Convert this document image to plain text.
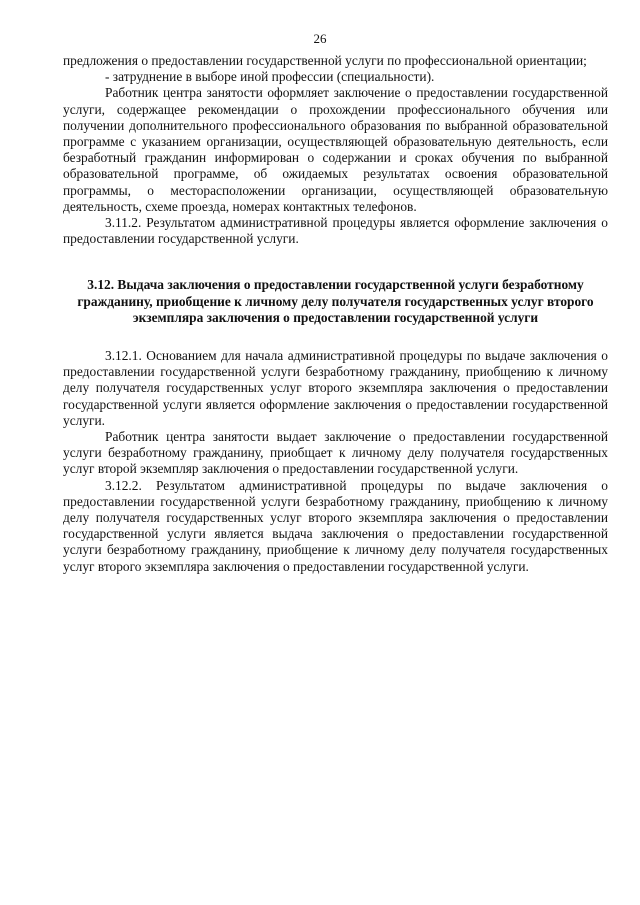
26

предложения о предоставлении государственной услуги по профессиональной ориентации;

- затруднение в выборе иной профессии (специальности).

Работник центра занятости оформляет заключение о предоставлении государственной услуги, содержащее рекомендации о прохождении профессионального обучения или получении дополнительного профессионального образования по выбранной образовательной программе с указанием организации, осуществляющей образовательную деятельность, если безработный гражданин информирован о содержании и сроках обучения по выбранной образовательной программе, об ожидаемых результатах освоения образовательной программы, о месторасположении организации, осуществляющей образовательную деятельность, схеме проезда, номерах контактных телефонов.

3.11.2. Результатом административной процедуры является оформление заключения о предоставлении государственной услуги.

3.12. Выдача заключения о предоставлении государственной услуги безработному гражданину, приобщение к личному делу получателя государственных услуг второго экземпляра заключения о предоставлении государственной услуги

3.12.1. Основанием для начала административной процедуры по выдаче заключения о предоставлении государственной услуги безработному гражданину, приобщению к личному делу получателя государственных услуг второго экземпляра заключения о предоставлении государственной услуги является оформление заключения о предоставлении государственной услуги.

Работник центра занятости выдает заключение о предоставлении государственной услуги безработному гражданину, приобщает к личному делу получателя государственных услуг второй экземпляр заключения о предоставлении государственной услуги.

3.12.2. Результатом административной процедуры по выдаче заключения о предоставлении государственной услуги безработному гражданину, приобщению к личному делу получателя государственных услуг второго экземпляра заключения о предоставлении государственной услуги является выдача заключения о предоставлении государственной услуги безработному гражданину, приобщение к личному делу получателя государственных услуг второго экземпляра заключения о предоставлении государственной услуги.
